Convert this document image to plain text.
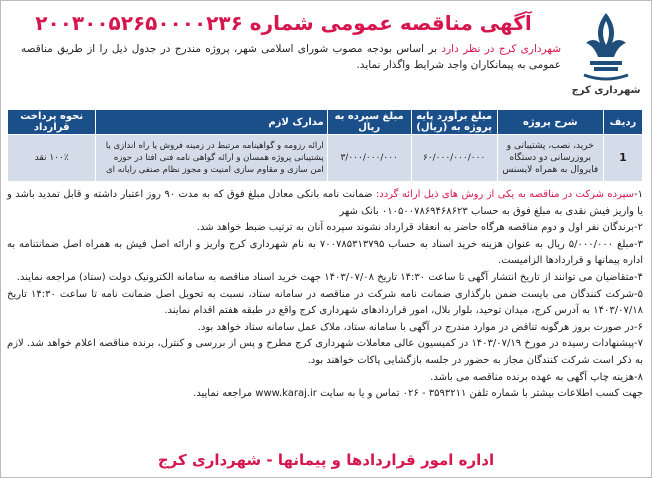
شهرداری کرج
آگهی مناقصه عمومی شماره ۲۰۰۳۰۰۵۲۶۵۰۰۰۰۲۳۶
شهرداری کرج در نظر دارد بر اساس بودجه مصوب شورای اسلامی شهر، پروژه مندرج در جدول ذیل را از طریق مناقصه عمومی به پیمانکاران واجد شرایط واگذار نماید.
ردیف	شرح پروژه	مبلغ برآورد پایه پروژه به (ریال)	مبلغ سپرده به ریال	مدارک لازم	نحوه پرداخت قرارداد
1	خرید، نصب، پشتیبانی و بروزرسانی دو دستگاه فایروال به همراه لایسنس	۶۰/۰۰۰/۰۰۰/۰۰۰	۳/۰۰۰/۰۰۰/۰۰۰	ارائه رزومه و گواهینامه مرتبط در زمینه فروش یا راه اندازی یا پشتیبانی پروژه همسان و ارائه گواهی نامه فنی افتا در حوزه امن سازی و مقاوم سازی امنیت و مجوز نظام صنفی رایانه ای	۱۰۰٪ نقد
۱-سپرده شرکت در مناقصه به یکی از روش های ذیل ارائه گردد: ضمانت نامه بانکی معادل مبلغ فوق که به مدت ۹۰ روز اعتبار داشته و قابل تمدید باشد و یا واریز فیش نقدی به مبلغ فوق به حساب ۰۱۰۵۰۰۷۸۶۹۴۶۸۶۲۳ بانک شهر
۲-برندگان نفر اول و دوم مناقصه هرگاه حاضر به انعقاد قرارداد نشوند سپرده آنان به ترتیب ضبط خواهد شد.
۳-مبلغ ۵/۰۰۰/۰۰۰ ریال به عنوان هزینه خرید اسناد به حساب ۷۰۰۷۸۵۳۱۳۷۹۵ به نام شهرداری کرج واریز و ارائه اصل فیش به همراه اصل ضمانتنامه به اداره پیمانها و قراردادها الزامیست.
۴-متقاضیان می توانند از تاریخ انتشار آگهی تا ساعت ۱۴:۳۰ تاریخ ۱۴۰۳/۰۷/۰۸ جهت خرید اسناد مناقصه به سامانه الکترونیک دولت (ستاد) مراجعه نمایند.
۵-شرکت کنندگان می بایست ضمن بارگذاری ضمانت نامه شرکت در مناقصه در سامانه ستاد، نسبت به تحویل اصل ضمانت نامه تا ساعت ۱۴:۳۰ تاریخ ۱۴۰۳/۰۷/۱۸ به آدرس کرج، میدان توحید، بلوار بلال، امور قراردادهای شهرداری کرج واقع در طبقه هفتم اقدام نمایند.
۶-در صورت بروز هرگونه تناقض در موارد مندرج در آگهی با سامانه ستاد، ملاک عمل سامانه ستاد خواهد بود.
۷-پیشنهادات رسیده در مورخ ۱۴۰۳/۰۷/۱۹ در کمیسیون عالی معاملات شهرداری کرج مطرح و پس از بررسی و کنترل، برنده مناقصه اعلام خواهد شد. لازم به ذکر است شرکت کنندگان مجاز به حضور در جلسه بازگشایی پاکات خواهند بود.
۸-هزینه چاپ آگهی به عهده برنده مناقصه می باشد.
جهت کسب اطلاعات بیشتر با شماره تلفن ۳۵۹۳۲۱۱ - ۰۲۶ تماس و یا به سایت www.karaj.ir مراجعه نمایید.
اداره امور قراردادها و پیمانها - شهرداری کرج
